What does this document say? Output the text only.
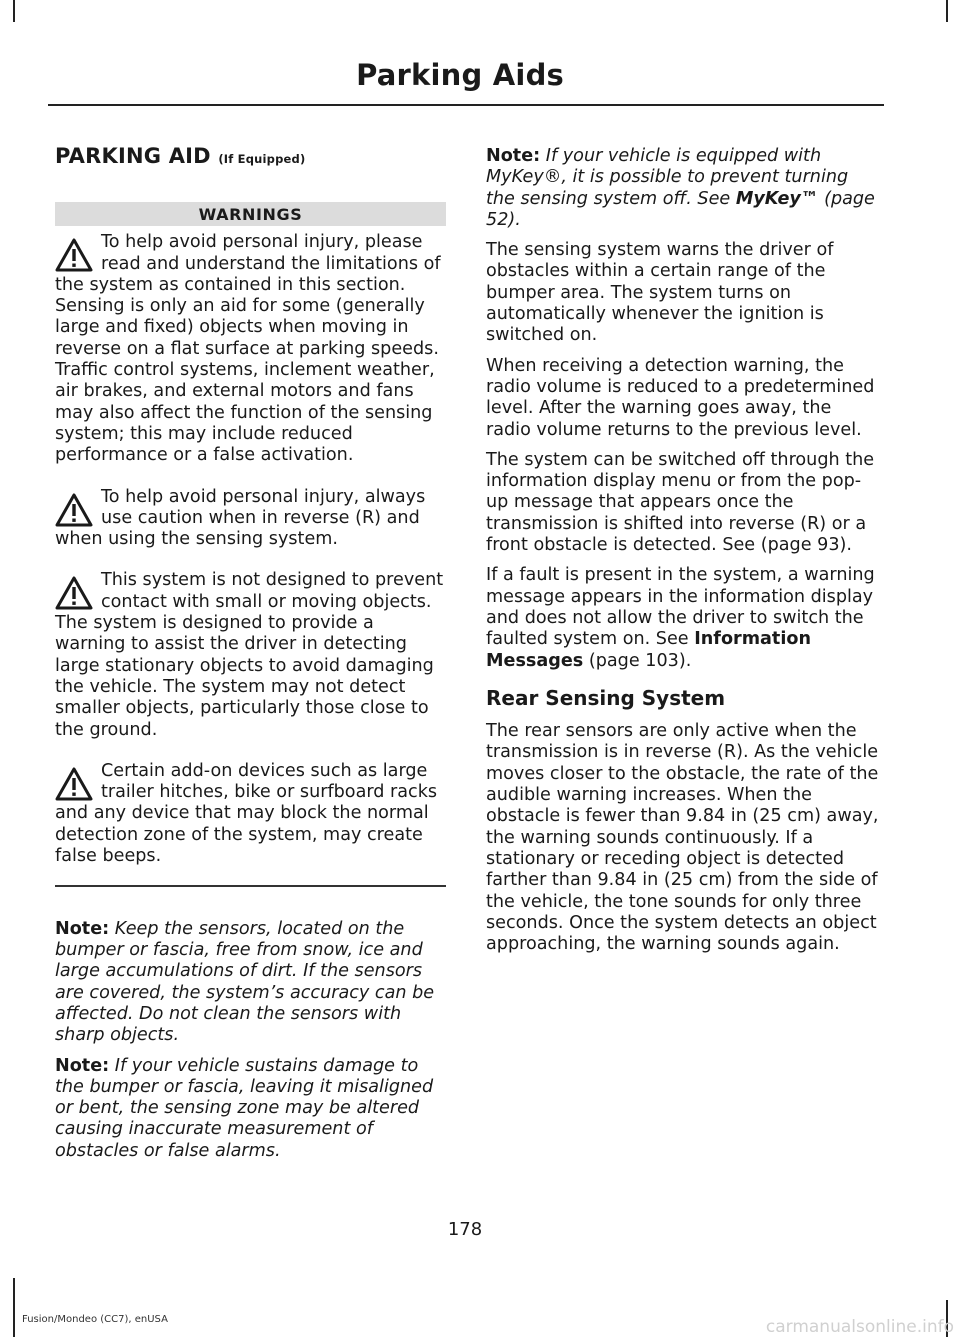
Parking Aids
PARKING AID (If Equipped)
WARNINGS
To help avoid personal injury, please read and understand the limitations of the system as contained in this section. Sensing is only an aid for some (generally large and fixed) objects when moving in reverse on a flat surface at parking speeds. Traffic control systems, inclement weather, air brakes, and external motors and fans may also affect the function of the sensing system; this may include reduced performance or a false activation.
To help avoid personal injury, always use caution when in reverse (R) and when using the sensing system.
This system is not designed to prevent contact with small or moving objects. The system is designed to provide a warning to assist the driver in detecting large stationary objects to avoid damaging the vehicle. The system may not detect smaller objects, particularly those close to the ground.
Certain add-on devices such as large trailer hitches, bike or surfboard racks and any device that may block the normal detection zone of the system, may create false beeps.

Note: Keep the sensors, located on the bumper or fascia, free from snow, ice and large accumulations of dirt. If the sensors are covered, the system’s accuracy can be affected. Do not clean the sensors with sharp objects.

Note: If your vehicle sustains damage to the bumper or fascia, leaving it misaligned or bent, the sensing zone may be altered causing inaccurate measurement of obstacles or false alarms.

Note: If your vehicle is equipped with MyKey®, it is possible to prevent turning the sensing system off. See MyKey™ (page 52).

The sensing system warns the driver of obstacles within a certain range of the bumper area. The system turns on automatically whenever the ignition is switched on.

When receiving a detection warning, the radio volume is reduced to a predetermined level. After the warning goes away, the radio volume returns to the previous level.

The system can be switched off through the information display menu or from the pop-up message that appears once the transmission is shifted into reverse (R) or a front obstacle is detected. See (page 93).

If a fault is present in the system, a warning message appears in the information display and does not allow the driver to switch the faulted system on. See Information Messages (page 103).

Rear Sensing System

The rear sensors are only active when the transmission is in reverse (R). As the vehicle moves closer to the obstacle, the rate of the audible warning increases. When the obstacle is fewer than 9.84 in (25 cm) away, the warning sounds continuously. If a stationary or receding object is detected farther than 9.84 in (25 cm) from the side of the vehicle, the tone sounds for only three seconds. Once the system detects an object approaching, the warning sounds again.

178
Fusion/Mondeo (CC7), enUSA	carmanualsonline.info
